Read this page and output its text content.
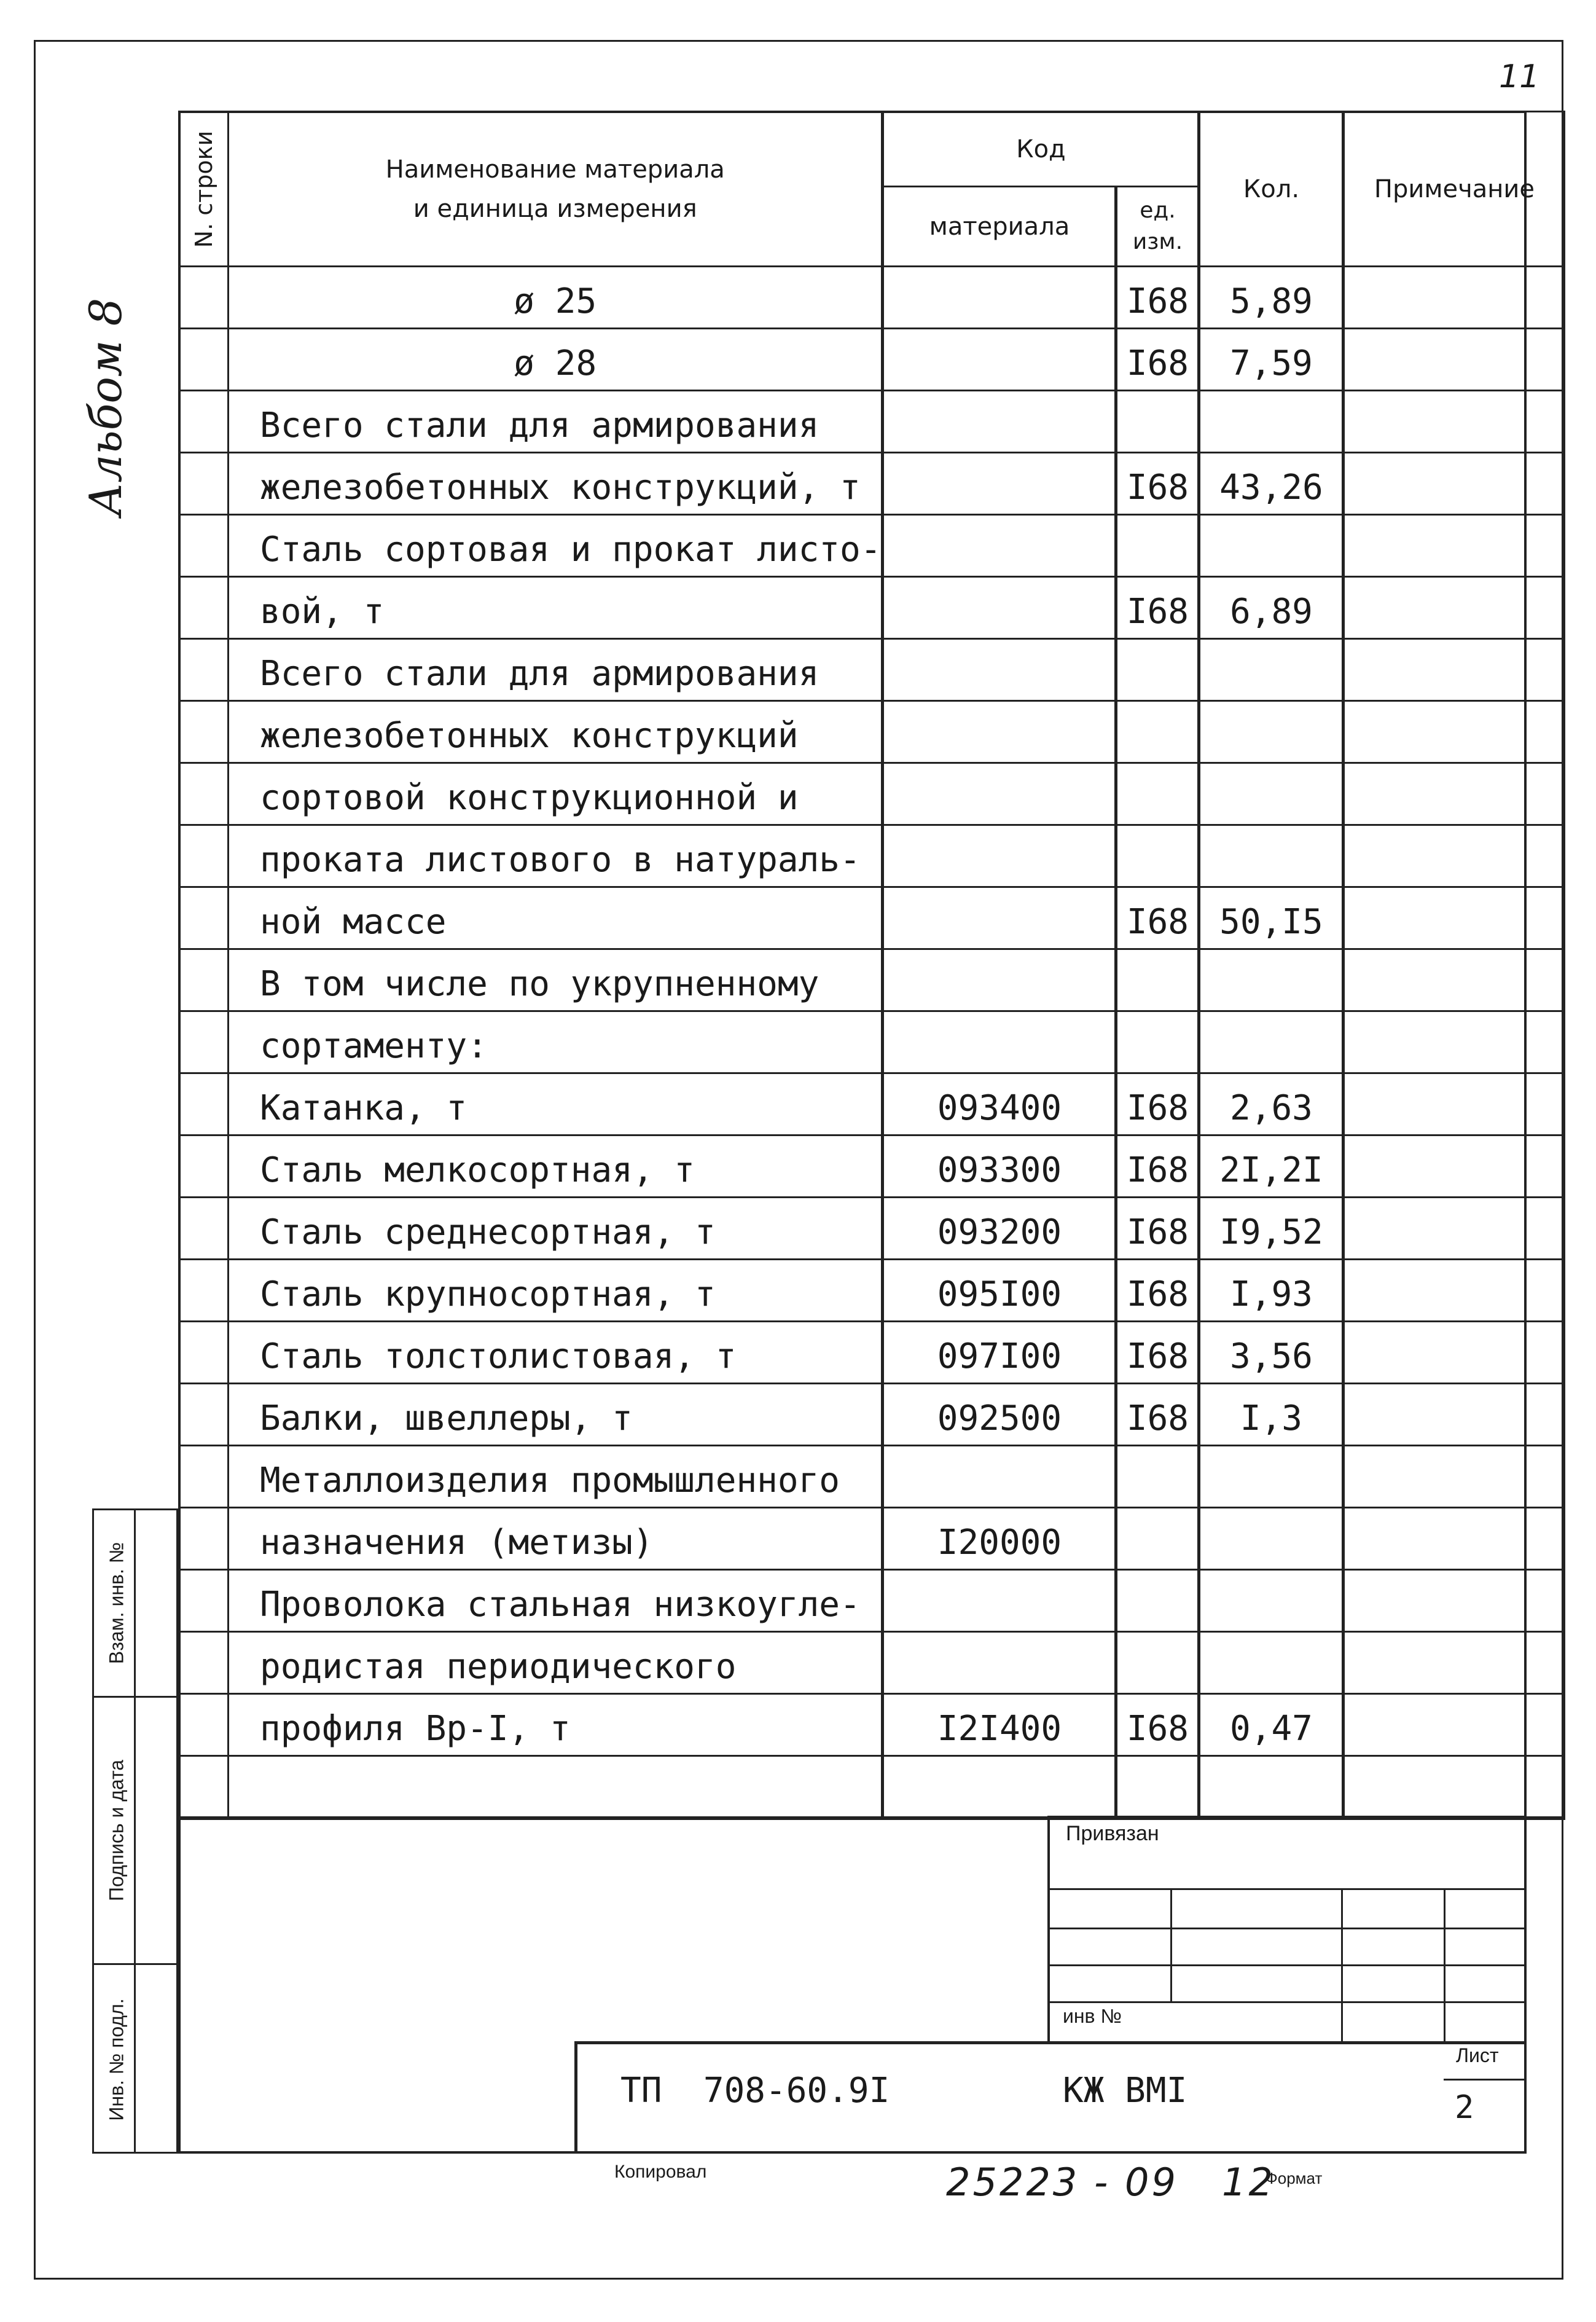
11
Альбом 8
N. строки	Наименование материала
и единица измерения	Код		Кол.	Примечание
		материала	ед.
изм.		
	ø 25		I68	5,89	
	ø 28		I68	7,59	
	Всего стали для армирования				
	железобетонных конструкций, т		I68	43,26	
	Сталь сортовая и прокат листо-				
	вой, т		I68	6,89	
	Всего стали для армирования				
	железобетонных конструкций				
	сортовой конструкционной и				
	проката листового в натураль-				
	ной массе		I68	50,I5	
	В том числе по укрупненному				
	сортаменту:				
	Катанка, т	093400	I68	2,63	
	Сталь мелкосортная, т	093300	I68	2I,2I	
	Сталь среднесортная, т	093200	I68	I9,52	
	Сталь крупносортная, т	095I00	I68	I,93	
	Сталь толстолистовая, т	097I00	I68	3,56	
	Балки, швеллеры, т	092500	I68	I,3	
	Металлоизделия промышленного				
	назначения (метизы)	I20000			
	Проволока стальная низкоугле-				
	родистая периодического				
	профиля Вр-I, т	I2I400	I68	0,47	

Взам. инв. №
Подпись и дата
Инв. № подл.
Привязан
инв №
ТП  708-60.9I	КЖ ВМI
Лист
2
Копировал	25223 - 09   12
Формат
